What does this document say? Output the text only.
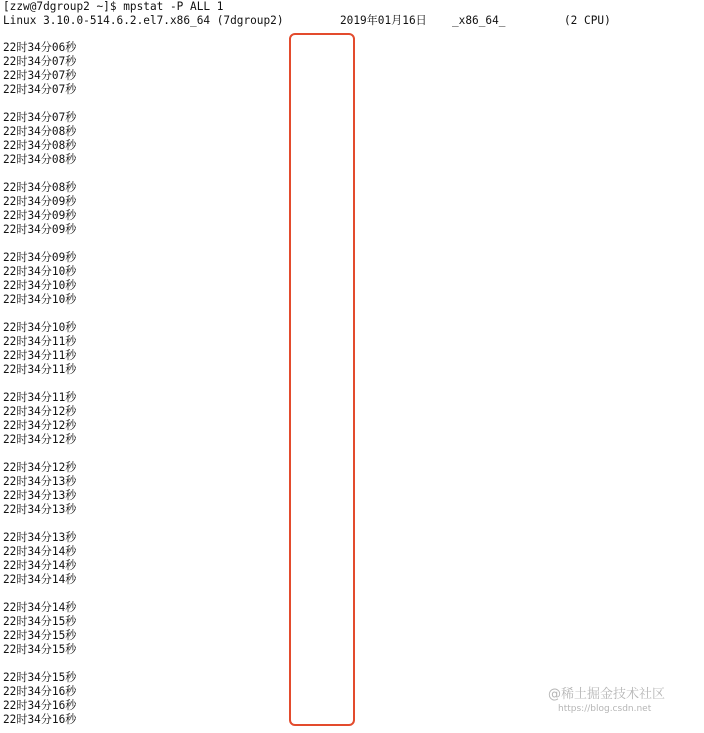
[zzw@7dgroup2 ~]$ mpstat -P ALL 1

Linux 3.10.0-514.6.2.el7.x86_64 (7dgroup2)

	2019年01月16日

_x86_64_

	(2 CPU)

22时34分06秒
22时34分07秒
22时34分07秒
22时34分07秒
22时34分07秒
22时34分08秒
22时34分08秒
22时34分08秒
22时34分08秒
22时34分09秒
22时34分09秒
22时34分09秒
22时34分09秒
22时34分10秒
22时34分10秒
22时34分10秒
22时34分10秒
22时34分11秒
22时34分11秒
22时34分11秒
22时34分11秒
22时34分12秒
22时34分12秒
22时34分12秒
22时34分12秒
22时34分13秒
22时34分13秒
22时34分13秒
22时34分13秒
22时34分14秒
22时34分14秒
22时34分14秒
22时34分14秒
22时34分15秒
22时34分15秒
22时34分15秒
22时34分15秒
22时34分16秒
22时34分16秒
22时34分16秒
@稀土掘金技术社区
https://blog.csdn.net
